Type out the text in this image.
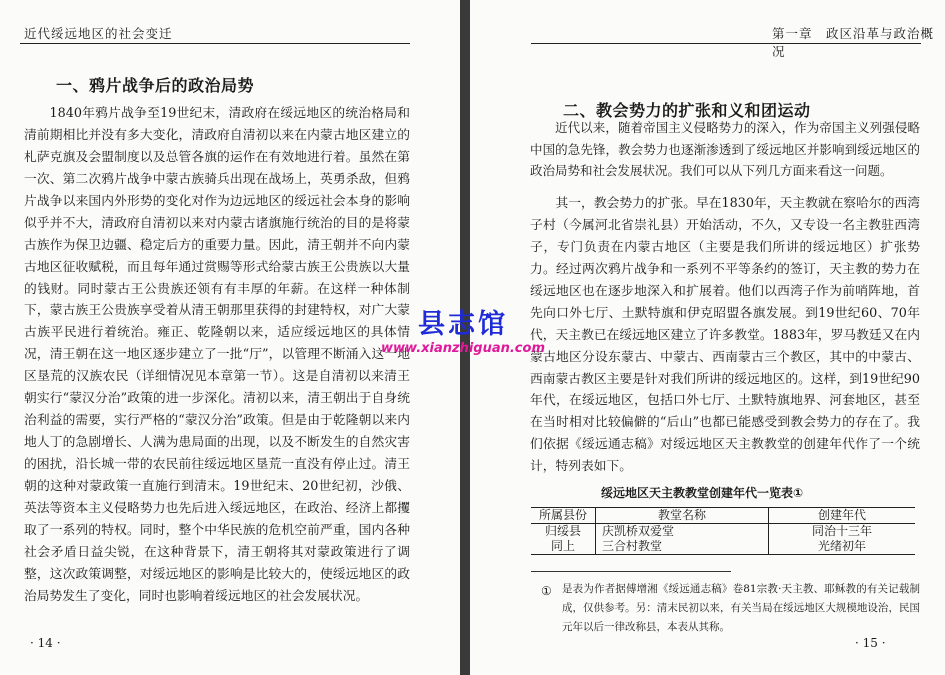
近代绥远地区的社会变迁
一、鸦片战争后的政治局势

1840年鸦片战争至19世纪末，清政府在绥远地区的统治格局和清前期相比并没有多大变化，清政府自清初以来在内蒙古地区建立的札萨克旗及会盟制度以及总管各旗的运作在有效地进行着。虽然在第一次、第二次鸦片战争中蒙古族骑兵出现在战场上，英勇杀敌，但鸦片战争以来国内外形势的变化对作为边远地区的绥远社会本身的影响似乎并不大，清政府自清初以来对内蒙古诸旗施行统治的目的是将蒙古族作为保卫边疆、稳定后方的重要力量。因此，清王朝并不向内蒙古地区征收赋税，而且每年通过赏赐等形式给蒙古族王公贵族以大量的钱财。同时蒙古王公贵族还领有有丰厚的年薪。在这样一种体制下，蒙古族王公贵族享受着从清王朝那里获得的封建特权，对广大蒙古族平民进行着统治。雍正、乾隆朝以来，适应绥远地区的具体情况，清王朝在这一地区逐步建立了一批“厅”，以管理不断涌入这一地区垦荒的汉族农民（详细情况见本章第一节）。这是自清初以来清王朝实行“蒙汉分治”政策的进一步深化。清初以来，清王朝出于自身统治利益的需要，实行严格的“蒙汉分治”政策。但是由于乾隆朝以来内地人丁的急剧增长、人满为患局面的出现，以及不断发生的自然灾害的困扰，沿长城一带的农民前往绥远地区垦荒一直没有停止过。清王朝的这种对蒙政策一直施行到清末。19世纪末、20世纪初，沙俄、英法等资本主义侵略势力也先后进入绥远地区，在政治、经济上都攫取了一系列的特权。同时，整个中华民族的危机空前严重，国内各种社会矛盾日益尖锐，在这种背景下，清王朝将其对蒙政策进行了调整，这次政策调整，对绥远地区的影响是比较大的，使绥远地区的政治局势发生了变化，同时也影响着绥远地区的社会发展状况。

· 14 ·
第一章　政区沿革与政治概况
二、教会势力的扩张和义和团运动

近代以来，随着帝国主义侵略势力的深入，作为帝国主义列强侵略中国的急先锋，教会势力也逐渐渗透到了绥远地区并影响到绥远地区的政治局势和社会发展状况。我们可以从下列几方面来看这一问题。

其一，教会势力的扩张。早在1830年，天主教就在察哈尔的西湾子村（今属河北省崇礼县）开始活动，不久，又专设一名主教驻西湾子，专门负责在内蒙古地区（主要是我们所讲的绥远地区）扩张势力。经过两次鸦片战争和一系列不平等条约的签订，天主教的势力在绥远地区也在逐步地深入和扩展着。他们以西湾子作为前哨阵地，首先向口外七厅、土默特旗和伊克昭盟各旗发展。到19世纪60、70年代，天主教已在绥远地区建立了许多教堂。1883年，罗马教廷又在内蒙古地区分设东蒙古、中蒙古、西南蒙古三个教区，其中的中蒙古、西南蒙古教区主要是针对我们所讲的绥远地区的。这样，到19世纪90年代，在绥远地区，包括口外七厅、土默特旗地界、河套地区，甚至在当时相对比较偏僻的“后山”也都已能感受到教会势力的存在了。我们依据《绥远通志稿》对绥远地区天主教教堂的创建年代作了一个统计，特列表如下。

绥远地区天主教教堂创建年代一览表①
所属县份	教堂名称	创建年代
归绥县	庆凯桥双爱堂	同治十三年
同上	三合村教堂	光绪初年
① 是表为作者据傅增湘《绥远通志稿》卷81宗教·天主教、耶稣教的有关记载制成，仅供参考。另：清末民初以来，有关当局在绥远地区大规模地设治，民国元年以后一律改称县，本表从其称。

· 15 ·
县志馆
www.xianzhiguan.com
